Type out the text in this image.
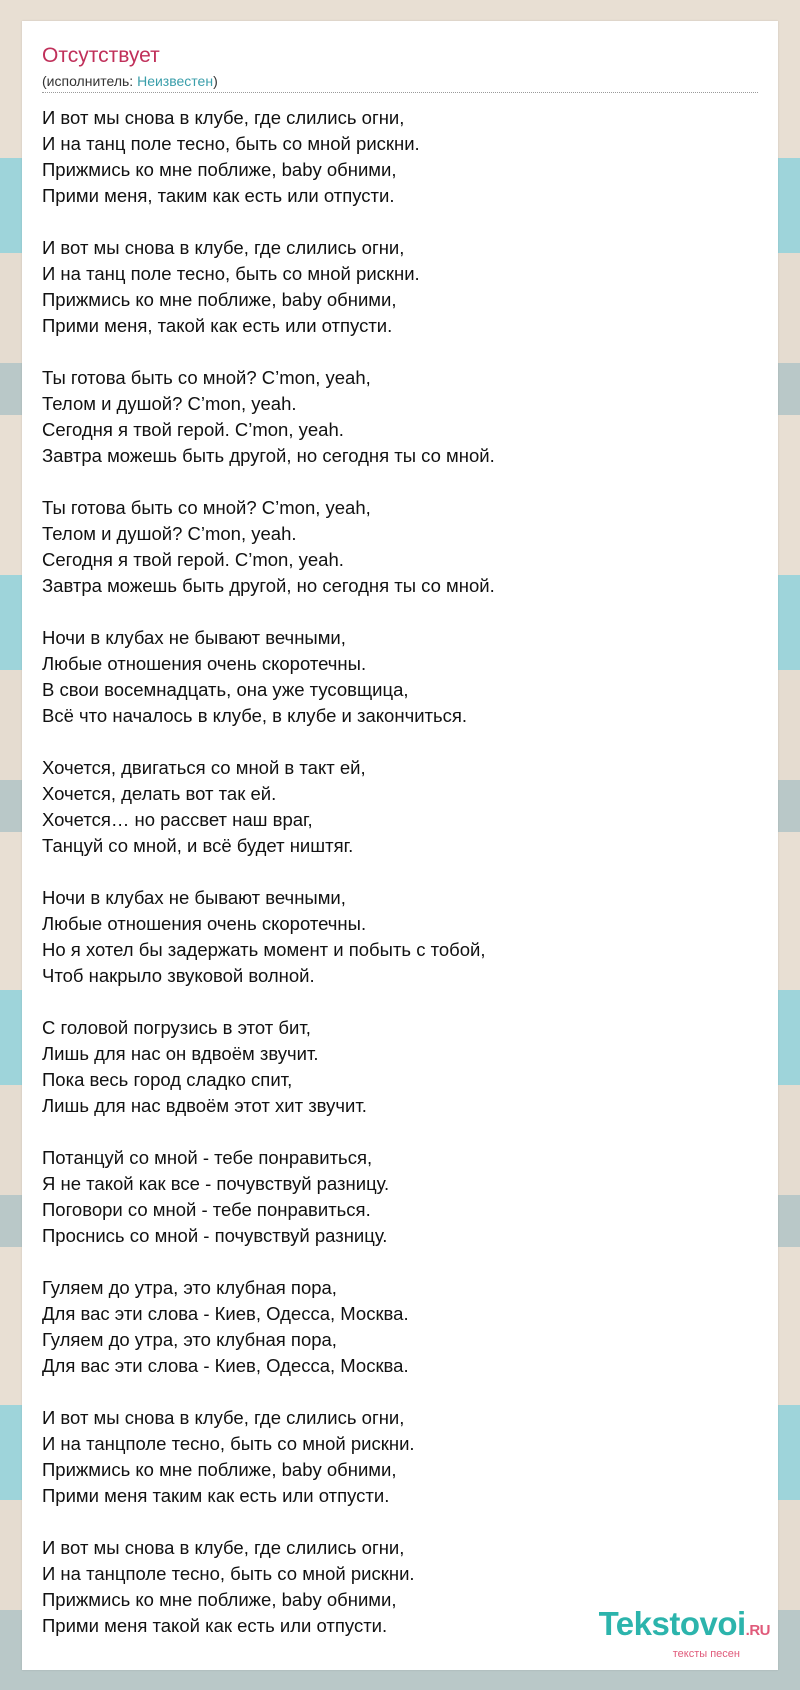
Отсутствует
(исполнитель: Неизвестен)
И вот мы снова в клубе, где слились огни,
И на танц поле тесно, быть со мной рискни.
Прижмись ко мне поближе, baby обними,
Прими меня, таким как есть или отпусти.
И вот мы снова в клубе, где слились огни,
И на танц поле тесно, быть со мной рискни.
Прижмись ко мне поближе, baby обними,
Прими меня, такой как есть или отпусти.
Ты готова быть со мной? C’mon, yeah,
Телом и душой? C’mon, yeah.
Сегодня я твой герой. C’mon, yeah.
Завтра можешь быть другой, но сегодня ты со мной.
Ты готова быть со мной? C’mon, yeah,
Телом и душой? C’mon, yeah.
Сегодня я твой герой. C’mon, yeah.
Завтра можешь быть другой, но сегодня ты со мной.
Ночи в клубах не бывают вечными,
Любые отношения очень скоротечны.
В свои восемнадцать, она уже тусовщица,
Всё что началось в клубе, в клубе и закончиться.
Хочется, двигаться со мной в такт ей,
Хочется, делать вот так ей.
Хочется… но рассвет наш враг,
Танцуй со мной, и всё будет ништяг.
Ночи в клубах не бывают вечными,
Любые отношения очень скоротечны.
Но я хотел бы задержать момент и побыть с тобой,
Чтоб накрыло звуковой волной.
С головой погрузись в этот бит,
Лишь для нас он вдвоём звучит.
Пока весь город сладко спит,
Лишь для нас вдвоём этот хит звучит.
Потанцуй со мной - тебе понравиться,
Я не такой как все - почувствуй разницу.
Поговори со мной - тебе понравиться.
Проснись со мной - почувствуй разницу.
Гуляем до утра, это клубная пора,
Для вас эти слова - Киев, Одесса, Москва.
Гуляем до утра, это клубная пора,
Для вас эти слова - Киев, Одесса, Москва.
И вот мы снова в клубе, где слились огни,
И на танцполе тесно, быть со мной рискни.
Прижмись ко мне поближе, baby обними,
Прими меня таким как есть или отпусти.
И вот мы снова в клубе, где слились огни,
И на танцполе тесно, быть со мной рискни.
Прижмись ко мне поближе, baby обними,
Прими меня такой как есть или отпусти.	Tekstovoi.RU
тексты песен
